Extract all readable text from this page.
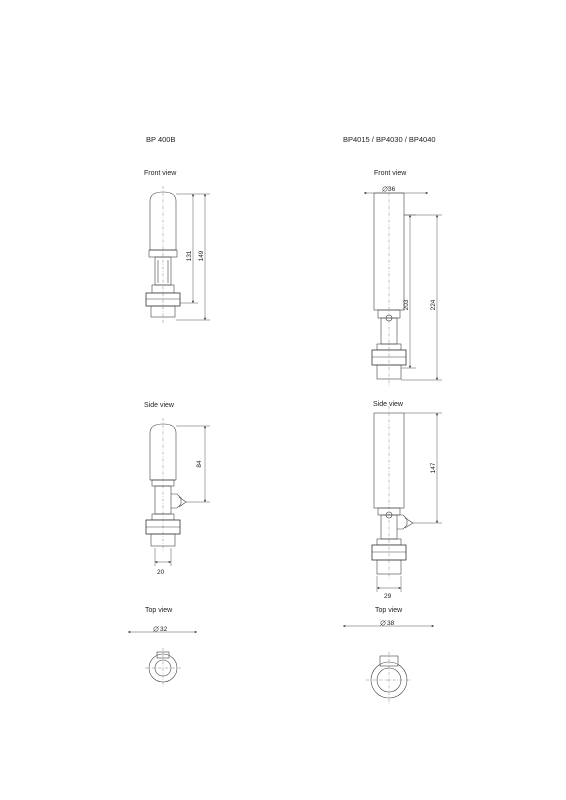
BP 400B
Front view
131 149
Side view
84
20
Top view
32
BP4015 / BP4030 / BP4040
Front view
36
203	224
Side view
147
29
Top view
38
